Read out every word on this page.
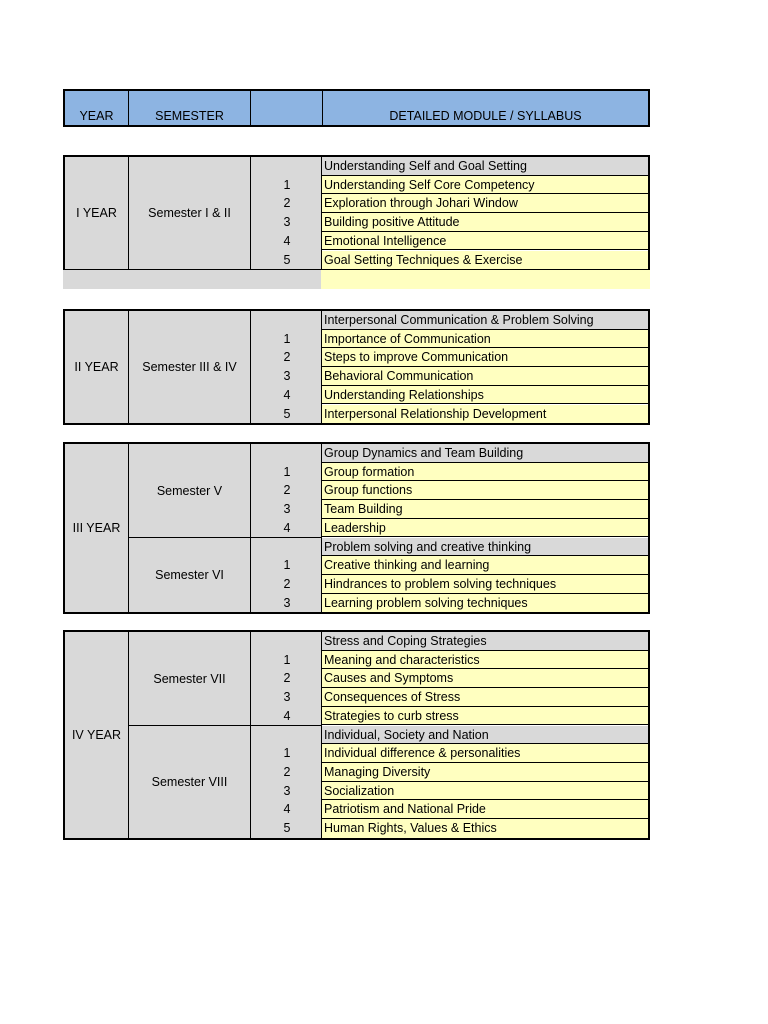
YEAR	SEMESTER	DETAILED MODULE / SYLLABUS
I YEAR	Semester I & II
Understanding Self and Goal Setting
1	Understanding Self Core Competency
2	Exploration through Johari Window
3	Building positive Attitude
4	Emotional Intelligence
5	Goal Setting Techniques & Exercise
II YEAR	Semester III & IV
Interpersonal Communication & Problem Solving
1	Importance of Communication
2	Steps to improve Communication
3	Behavioral Communication
4	Understanding Relationships
5	Interpersonal Relationship Development
III YEAR
Semester V
Group Dynamics and Team Building
1	Group formation
2	Group functions
3	Team Building
4	Leadership
Semester VI
Problem solving and creative thinking
1	Creative thinking and learning
2	Hindrances to problem solving techniques
3	Learning problem solving techniques
IV YEAR
Semester VII
Stress and Coping Strategies
1	Meaning and characteristics
2	Causes and Symptoms
3	Consequences of Stress
4	Strategies to curb stress
Semester VIII
Individual, Society and Nation
1	Individual difference & personalities
2	Managing Diversity
3	Socialization
4	Patriotism and National Pride
5	Human Rights, Values & Ethics
